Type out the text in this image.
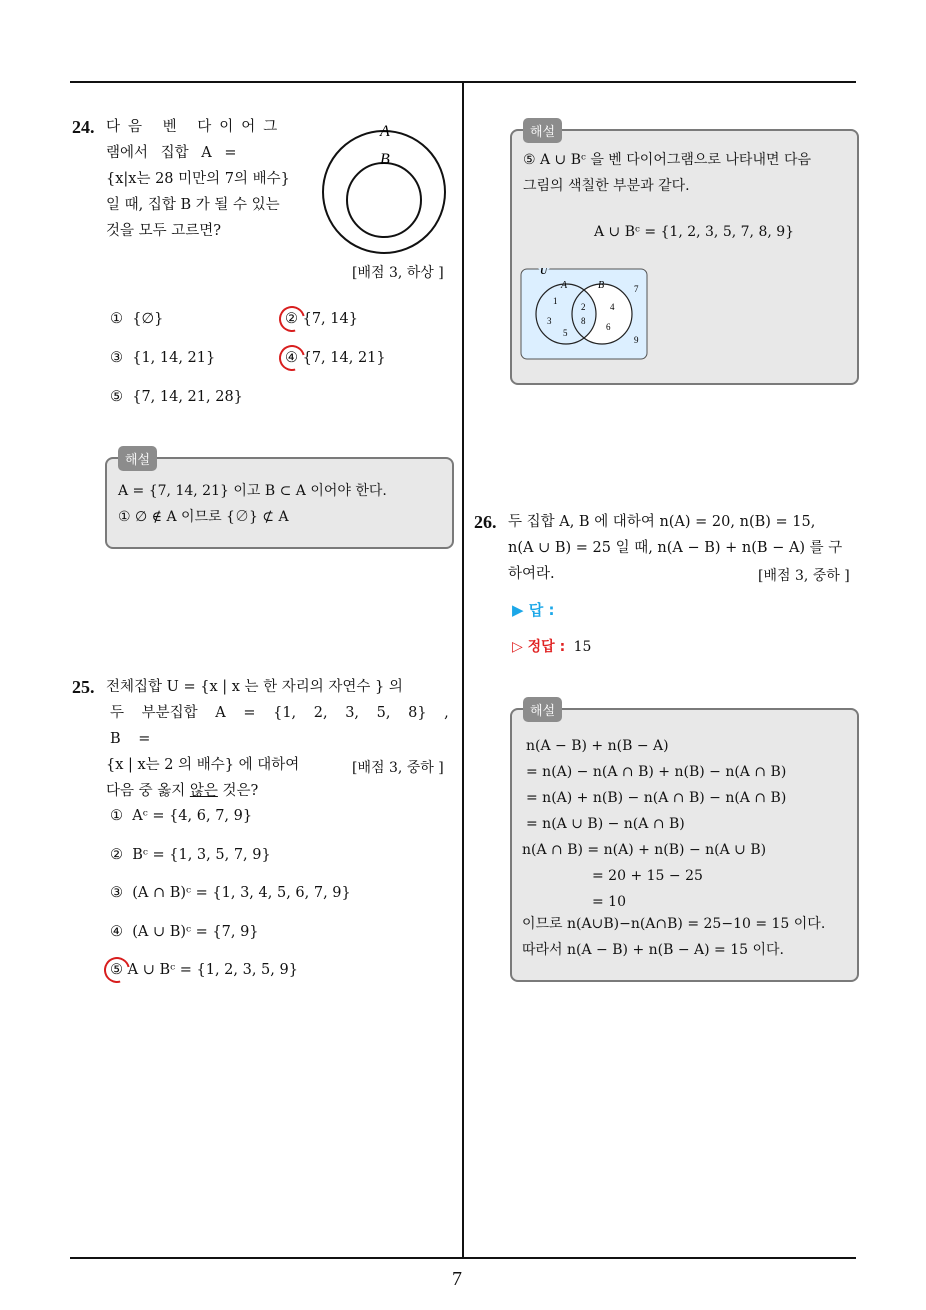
7
24. 다음 벤 다이어그
램에서 집합 A =
{x|x는 28 미만의 7의 배수}
일 때, 집합 B 가 될 수 있는
것을 모두 고르면?
A
B
[배점 3, 하상 ]
① {∅}	② {7, 14}
③ {1, 14, 21}	④ {7, 14, 21}
⑤ {7, 14, 21, 28}
해설
A = {7, 14, 21} 이고 B ⊂ A 이어야 한다.
① ∅ ∉ A 이므로 {∅} ⊄ A
25. 전체집합 U = {x | x 는 한 자리의 자연수 } 의
두 부분집합 A = {1, 2, 3, 5, 8} , B =
{x | x는 2 의 배수} 에 대하여
다음 중 옳지 않은 것은?
[배점 3, 중하 ]
① Aᶜ = {4, 6, 7, 9}
② Bᶜ = {1, 3, 5, 7, 9}
③ (A ∩ B)ᶜ = {1, 3, 4, 5, 6, 7, 9}
④ (A ∪ B)ᶜ = {7, 9}
⑤ A ∪ Bᶜ = {1, 2, 3, 5, 9}
해설
⑤ A ∪ Bᶜ 을 벤 다이어그램으로 나타내면 다음
그림의 색칠한 부분과 같다.
A ∪ Bᶜ = {1, 2, 3, 5, 7, 8, 9}
U
A	B
1
3
5
2
8
4
6
7
9
26. 두 집합 A, B 에 대하여 n(A) = 20, n(B) = 15,
n(A ∪ B) = 25 일 때, n(A − B) + n(B − A) 를 구
하여라.	[배점 3, 중하 ]
▶ 답 :
▷ 정답 : 15
해설
n(A − B) + n(B − A)
= n(A) − n(A ∩ B) + n(B) − n(A ∩ B)
= n(A) + n(B) − n(A ∩ B) − n(A ∩ B)
= n(A ∪ B) − n(A ∩ B)
n(A ∩ B) = n(A) + n(B) − n(A ∪ B)
= 20 + 15 − 25
= 10
이므로 n(A∪B)−n(A∩B) = 25−10 = 15 이다.
따라서 n(A − B) + n(B − A) = 15 이다.
